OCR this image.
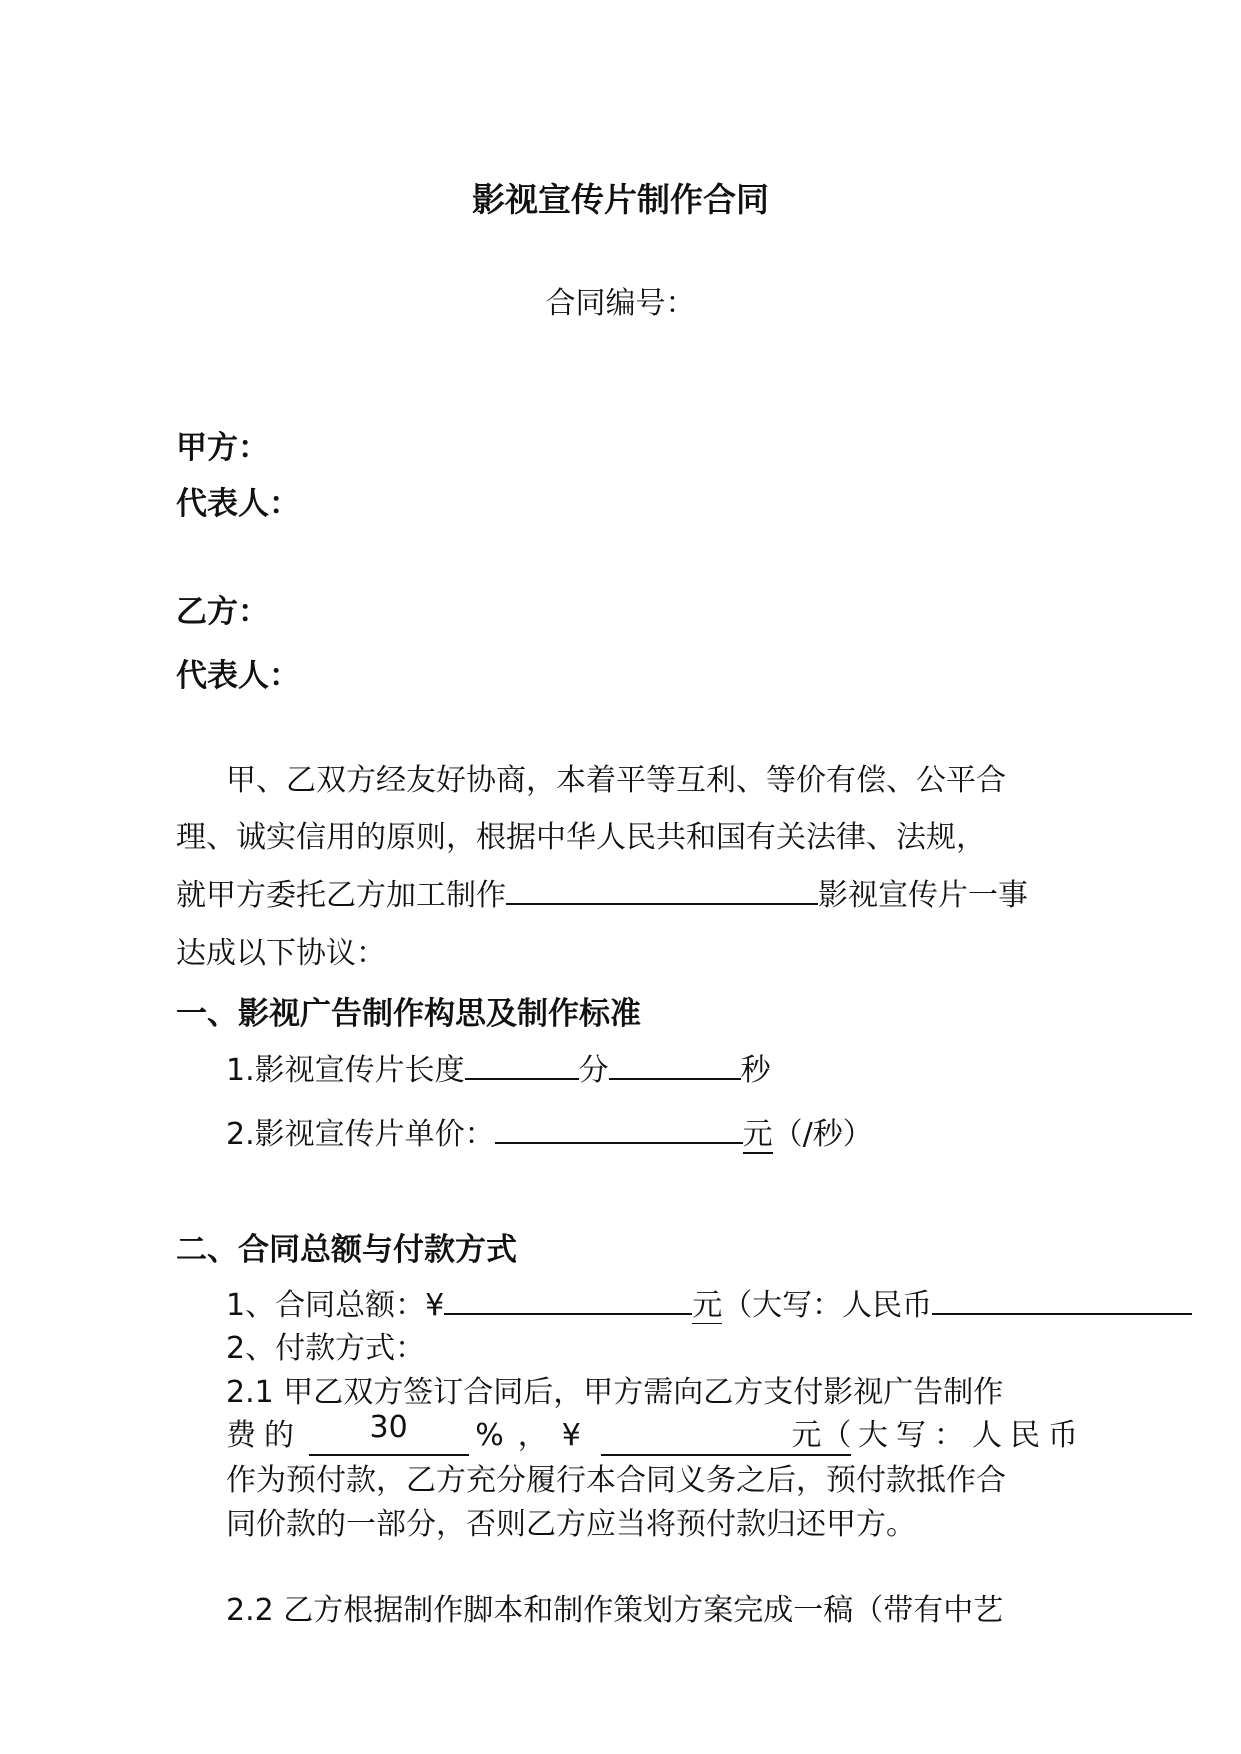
影视宣传片制作合同
合同编号：
甲方：
代表人：
乙方：
代表人：
甲、乙双方经友好协商，本着平等互利、等价有偿、公平合
理、诚实信用的原则，根据中华人民共和国有关法律、法规，
就甲方委托乙方加工制作	影视宣传片一事
达成以下协议：
一、影视广告制作构思及制作标准
1.影视宣传片长度	分	秒
2.影视宣传片单价：	元（/秒）
二、合同总额与付款方式
1、合同总额：¥	元（大写：人民币
2、付款方式：
2.1 甲乙双方签订合同后，甲方需向乙方支付影视广告制作
费的	30	%，¥	元（ 大写：人民币
作为预付款，乙方充分履行本合同义务之后，预付款抵作合
同价款的一部分，否则乙方应当将预付款归还甲方。
2.2 乙方根据制作脚本和制作策划方案完成一稿（带有中艺
